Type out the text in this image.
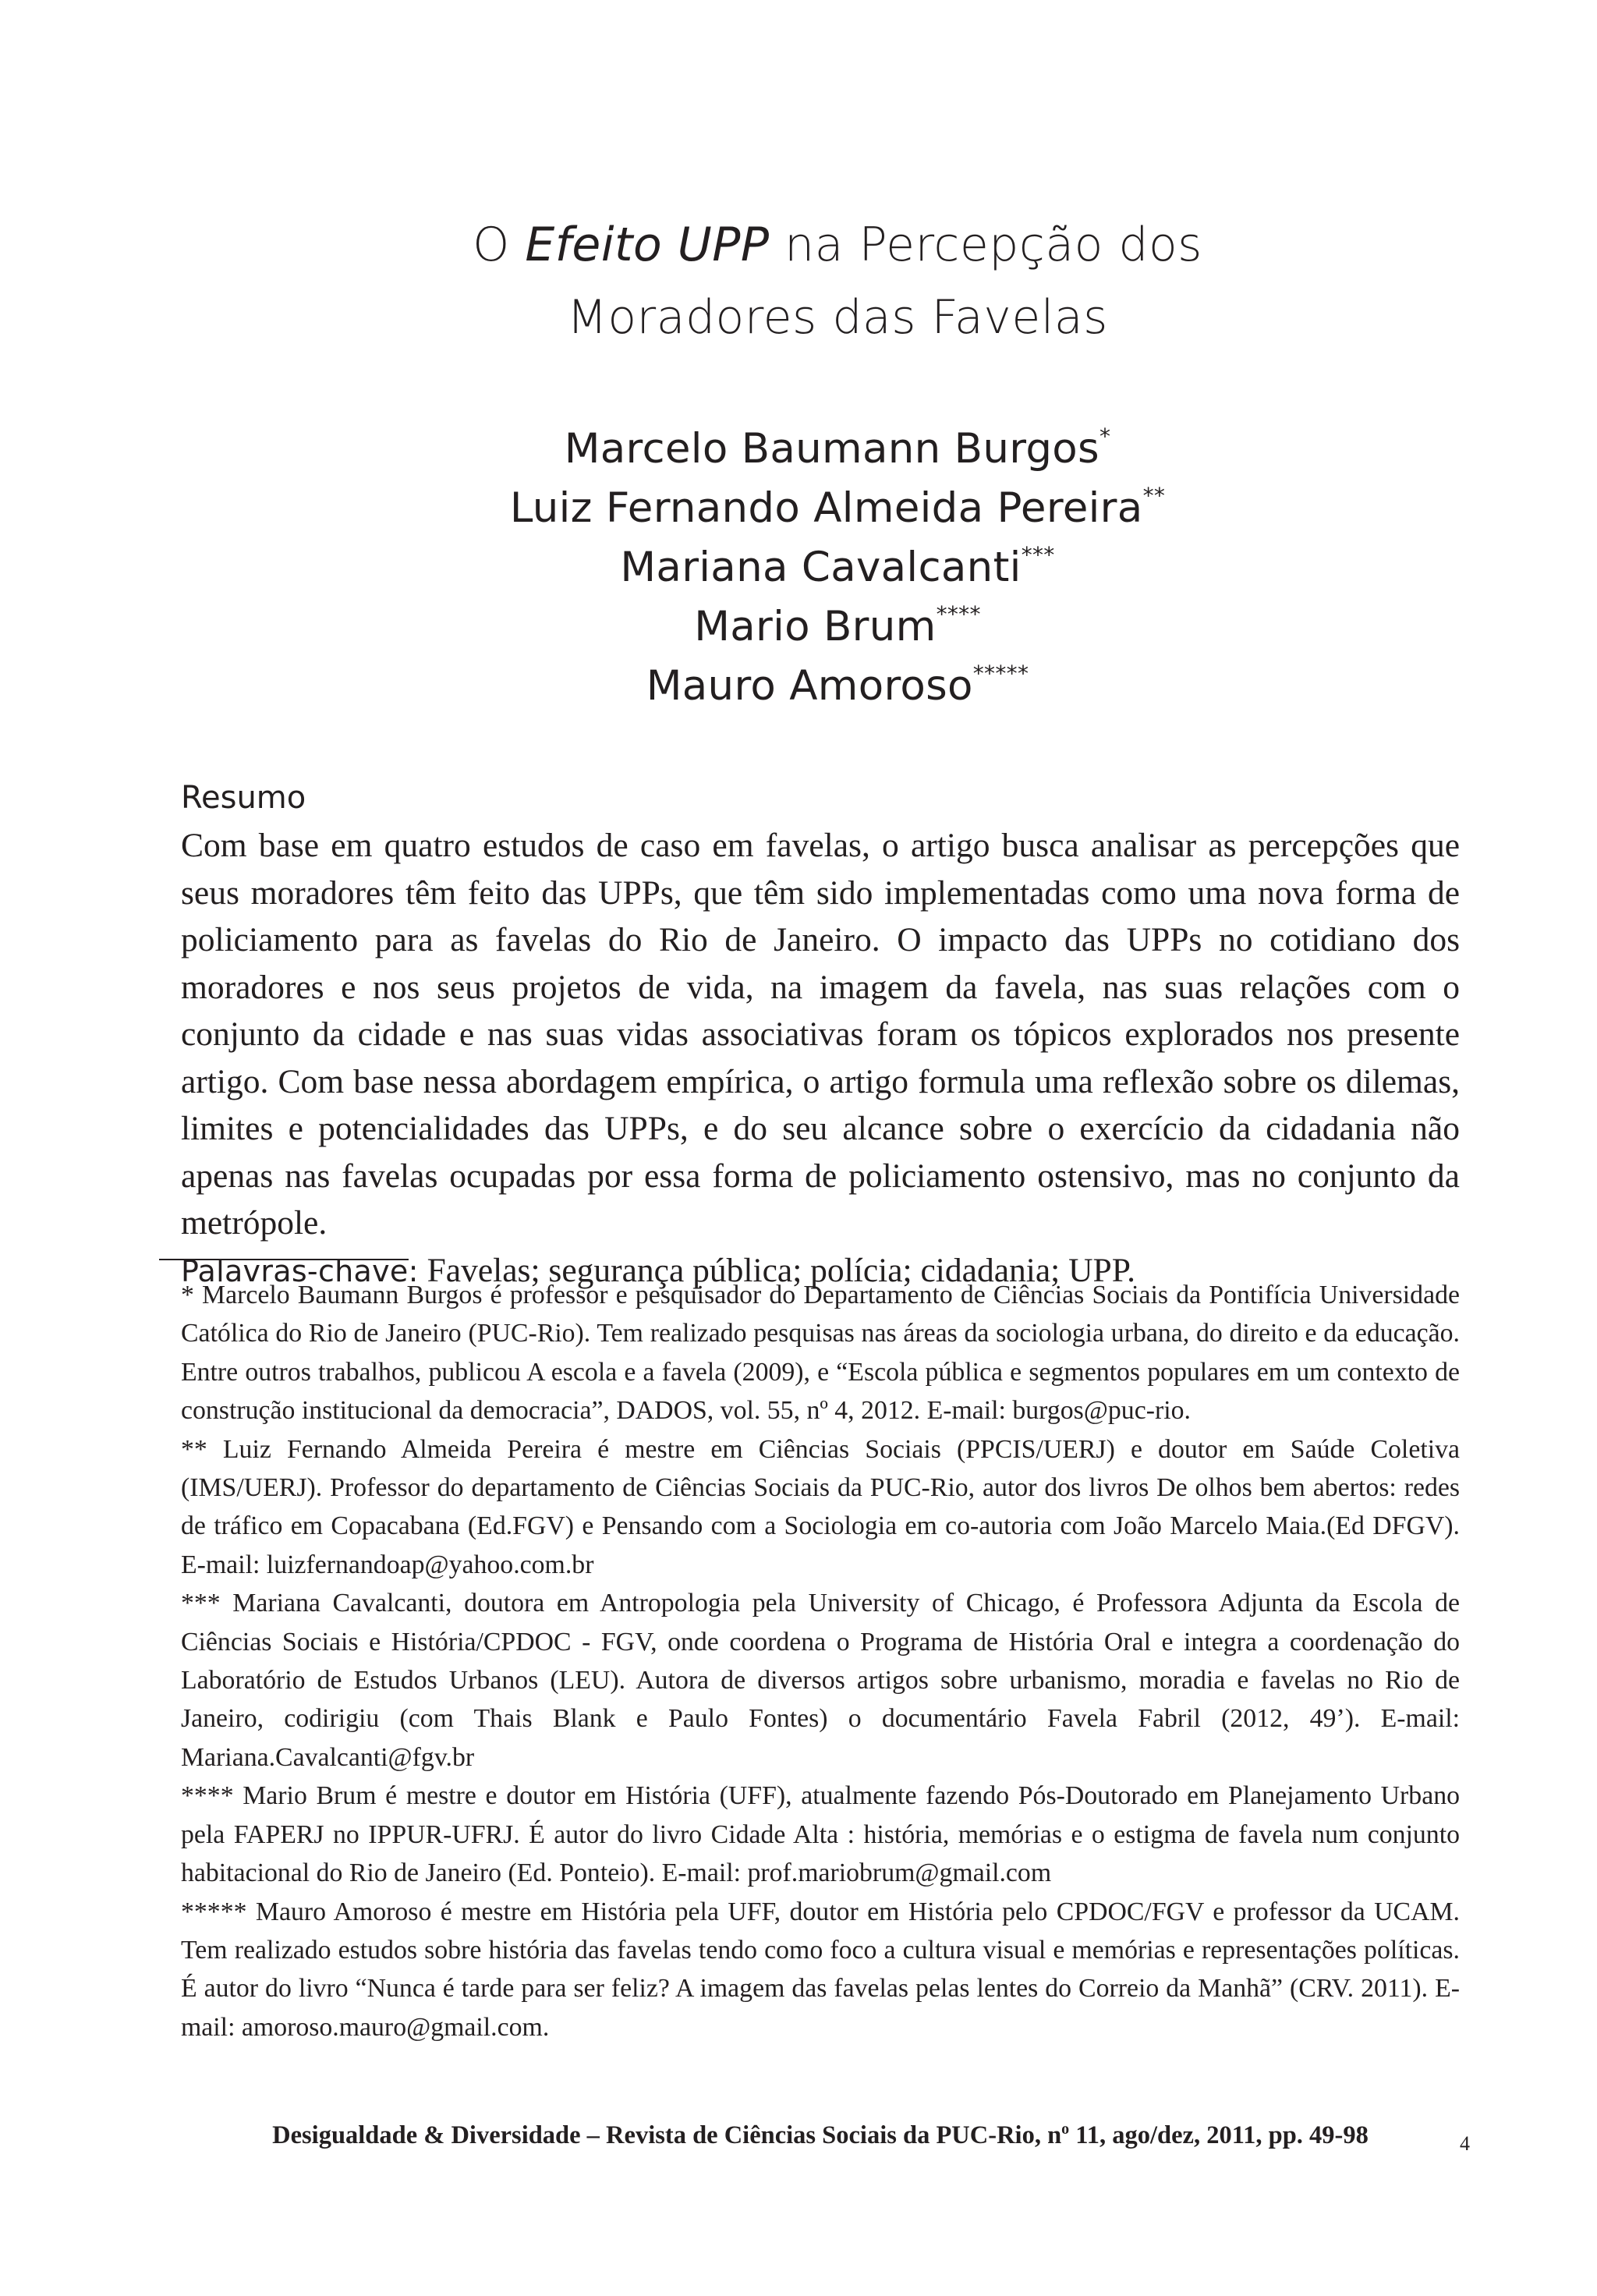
O Efeito UPP na Percepção dos
Moradores das Favelas
Marcelo Baumann Burgos*
Luiz Fernando Almeida Pereira**
Mariana Cavalcanti***
Mario Brum****
Mauro Amoroso*****
Resumo

Com base em quatro estudos de caso em favelas, o artigo busca analisar as percepções que seus moradores têm feito das UPPs, que têm sido implementadas como uma nova forma de policiamento para as favelas do Rio de Janeiro. O impacto das UPPs no cotidiano dos moradores e nos seus projetos de vida, na imagem da favela, nas suas relações com o conjunto da cidade e nas suas vidas associativas foram os tópicos explorados nos presente artigo. Com base nessa abordagem empírica, o artigo formula uma reflexão sobre os dilemas, limites e potencialidades das UPPs, e do seu alcance sobre o exercício da cidadania não apenas nas favelas ocupadas por essa forma de policiamento ostensivo, mas no conjunto da metrópole.

Palavras-chave: Favelas; segurança pública; polícia; cidadania; UPP.

* Marcelo Baumann Burgos é professor e pesquisador do Departamento de Ciências Sociais da Pontifícia Universidade Católica do Rio de Janeiro (PUC-Rio). Tem realizado pesquisas nas áreas da sociologia urbana, do direito e da educação. Entre outros trabalhos, publicou A escola e a favela (2009), e “Escola pública e segmentos populares em um contexto de construção institucional da democracia”, DADOS, vol. 55, nº 4, 2012. E-mail: burgos@puc-rio.

** Luiz Fernando Almeida Pereira é mestre em Ciências Sociais (PPCIS/UERJ) e doutor em Saúde Coletiva (IMS/UERJ). Professor do departamento de Ciências Sociais da PUC-Rio, autor dos livros De olhos bem abertos: redes de tráfico em Copacabana (Ed.FGV) e Pensando com a Sociologia em co-autoria com João Marcelo Maia.(Ed DFGV). E-mail: luizfernandoap@yahoo.com.br

*** Mariana Cavalcanti, doutora em Antropologia pela University of Chicago, é Professora Adjunta da Escola de Ciências Sociais e História/CPDOC - FGV, onde coordena o Programa de História Oral e integra a coordenação do Laboratório de Estudos Urbanos (LEU). Autora de diversos artigos sobre urbanismo, moradia e favelas no Rio de Janeiro, codirigiu (com Thais Blank e Paulo Fontes) o documentário Favela Fabril (2012, 49’). E-mail: Mariana.Cavalcanti@fgv.br

**** Mario Brum é mestre e doutor em História (UFF), atualmente fazendo Pós-Doutorado em Planejamento Urbano pela FAPERJ no IPPUR-UFRJ. É autor do livro Cidade Alta : história, memórias e o estigma de favela num conjunto habitacional do Rio de Janeiro (Ed. Ponteio). E-mail: prof.mariobrum@gmail.com

***** Mauro Amoroso é mestre em História pela UFF, doutor em História pelo CPDOC/FGV e professor da UCAM. Tem realizado estudos sobre história das favelas tendo como foco a cultura visual e memórias e representações políticas. É autor do livro “Nunca é tarde para ser feliz? A imagem das favelas pelas lentes do Correio da Manhã” (CRV. 2011). E-mail: amoroso.mauro@gmail.com.

Desigualdade & Diversidade – Revista de Ciências Sociais da PUC-Rio, $n^o$ 11, ago/dez, 2011, pp. 49-98	4
